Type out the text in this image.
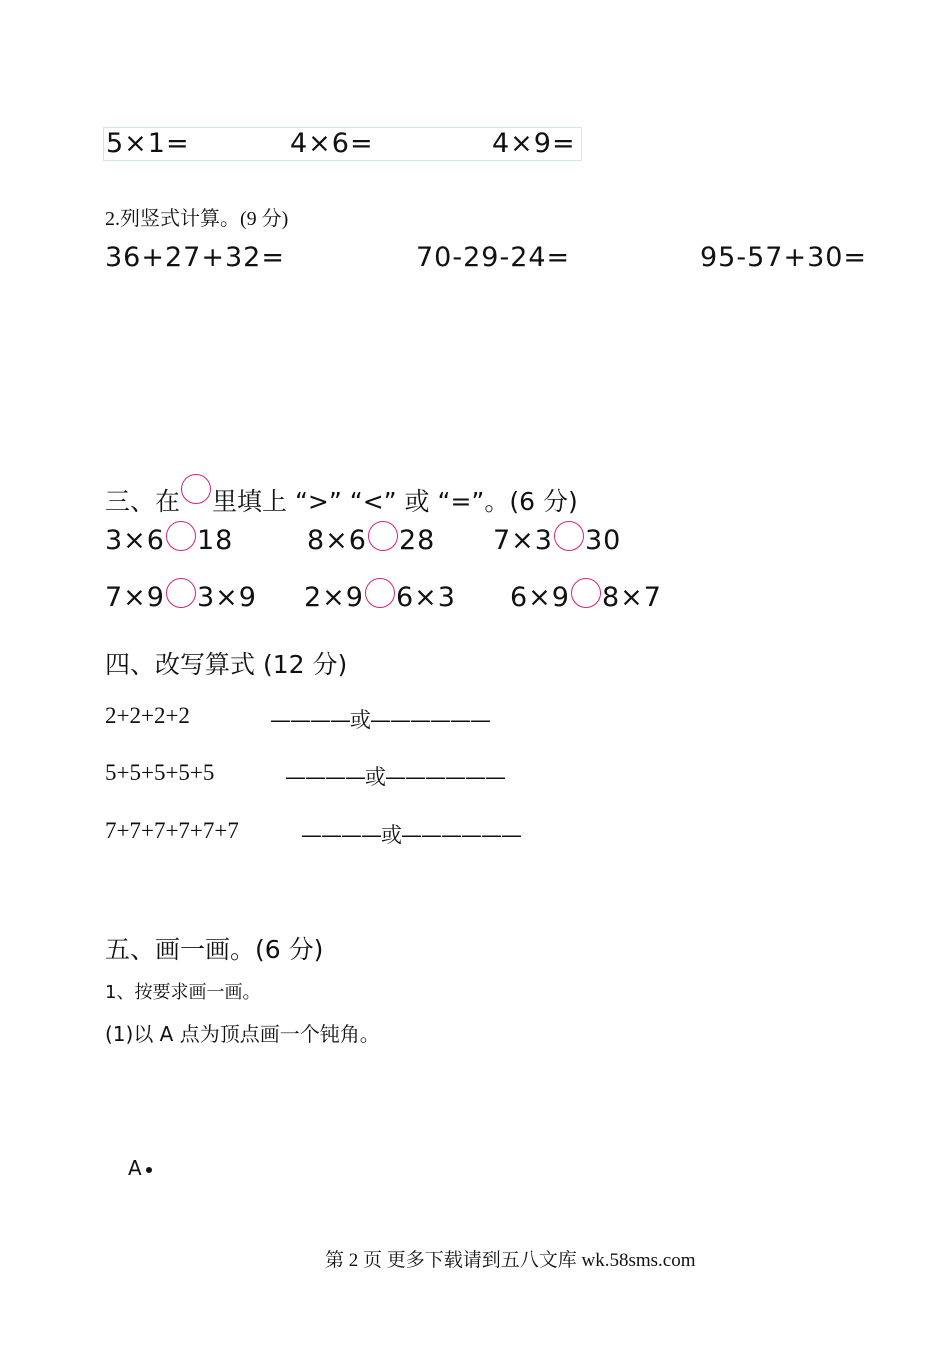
5×1=	4×6=	4×9=
2.列竖式计算。(9 分)
36+27+32=	70-29-24=	95-57+30=
三、在 里填上 “>” “<” 或 “=”。(6 分)
3×6 18	8×6 28 7×3 30
7×9 3×9 2×9 6×3 6×9 8×7
四、改写算式 (12 分)
2+2+2+2	————或——————
5+5+5+5+5	————或——————
7+7+7+7+7+7	————或——————
五、画一画。(6 分)
1、按要求画一画。
(1)以 A 点为顶点画一个钝角。
A
第 2 页 更多下载请到五八文库 wk.58sms.com
